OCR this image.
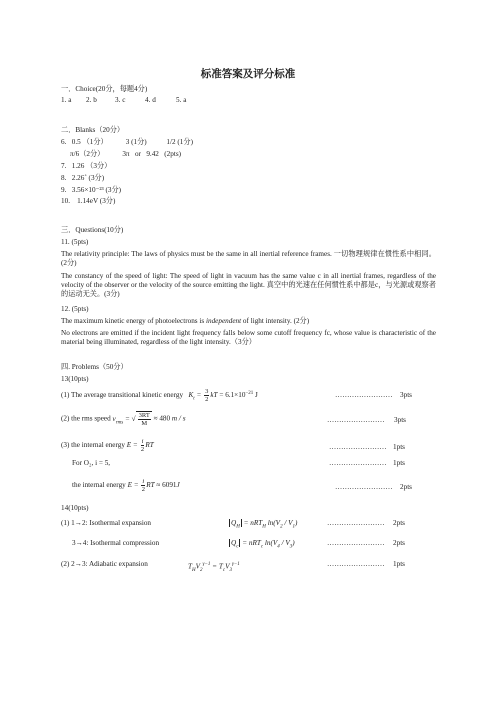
标准答案及评分标准
一．Choice(20分，每题4分)
1. a 2. b	3. c	4. d	5. a
二．Blanks（20分）
6.   0.5 （1分）          3 (1分)           1/2 (1分)
π/6（2分）          3π   or   9.42   (2pts)
7.   1.26 （3分）
8.   2.26˚ (3分)
9.   3.56×10⁻²³ (3分)
10.    1.14eV (3分)
三．Questions(10分)
11. (5pts)
The relativity principle: The laws of physics must be the same in all inertial reference frames. 一切物理规律在惯性系中相同。(2分)
The constancy of the speed of light: The speed of light in vacuum has the same value c in all inertial frames, regardless of the velocity of the observer or the velocity of the source emitting the light. 真空中的光速在任何惯性系中都是c，与光源或观察者的运动无关。(3分)
12. (5pts)
The maximum kinetic energy of photoelectrons is independent of light intensity. (2分)
No electrons are emitted if the incident light frequency falls below some cutoff frequency fc, whose value is characteristic of the material being illuminated, regardless of the light intensity.（3分）
四. Problems（50分）
13(10pts)
(1) The average transitional kinetic energy   $K_t = \frac{3}{2}$ kT = $6.1\times 10^{-21}$ J	…………………… 3pts
(2) the rms speed $v_{rms}$ = √ $\frac{3RT}{M} \approx 480$ m / s	…………………… 3pts
(3) the internal energy $E = \frac{i}{2}$ RT	…………………… 1pts
For O₂, i = 5,	…………………… 1pts
the internal energy $E = \frac{i}{2}$ RT ≈ 6091J	…………………… 2pts
14(10pts)
(1) 1→2: Isothermal expansion	$Q_H = nRT_H$ $\ln(V_2 / V_1)$	…………………… 2pts
3→4: Isothermal compression	$Q_c = nRT_c$ $\ln(V_4 / V_3)$	…………………… 2pts
(2) 2→3: Adiabatic expansion	$T_HV_2^{\gamma-1} = T_cV_3^{\gamma-1}$	…………………… 1pts
